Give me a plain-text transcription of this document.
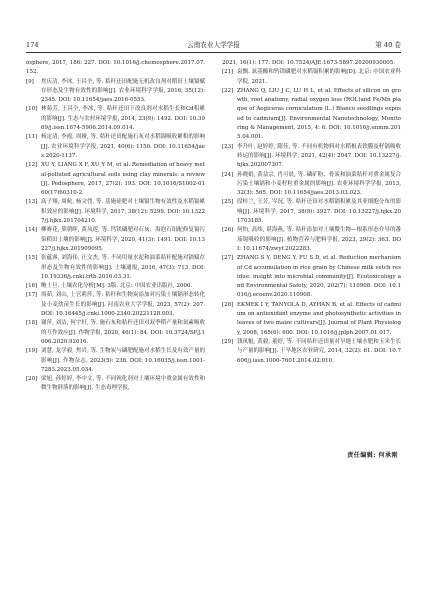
174	云南农业大学学报	第 40 卷
osphere, 2017, 186: 227. DOI: 10.1016/j.chemosphere.2017.07.152.
[9] 焦庆清, 李冰, 王昌全, 等. 秸秆还田配施无机改良剂对稻田土壤镉赋存形态及生物有效性的影响[J]. 农业环境科学学报, 2016, 35(12): 2345. DOI: 10.11654/jaes.2016-0553.
[10] 林菊芳, 王昌全, 李冰, 等. 秸秆还田下改良剂对水稻生长和Cd积累的影响[J]. 生态与农村环境学报, 2014, 23(9): 1492. DOI: 10.3969/j.issn.1674-5906.2014.09.014.
[11] 杨定清, 李霞, 周娅, 等. 秸秆还田配施石灰对水稻镉吸收累积的影响[J]. 农业环境科学学报, 2021, 40(6): 1150. DOI: 10.11654/jaes.2020-1137.
[12] XU Y, LIANG X F, XU Y M, et al. Remediation of heavy metal-polluted agricultural soils using clay minerals: a review[J]. Pedosphere, 2017, 27(2): 193. DOI: 10.1016/S1002-0160(17)60310-2.
[13] 高子翔, 周航, 杨文弢, 等. 基施硅肥对土壤镉生物有效性及水稻镉累积效应的影响[J]. 环境科学, 2017, 38(12): 5299. DOI: 10.13227/j.hjkx.201704210.
[14] 柳赛花, 熊朝晖, 黄凤莲, 等. 钙镁磷肥对石灰、海泡石组配修复镉污染稻田土壤的影响[J]. 环境科学, 2020, 41(3): 1491. DOI: 10.13227/j.hjkx.201909095.
[15] 张蕴睿, 刘海伟, 汪文杰, 等. 不同用量水泥和油菜秸秆配施对镉赋存形态及生物有效性的影响[J]. 土壤通报, 2016, 47(3): 713. DOI: 10.19336/j.cnki.trtb.2016.03.31.
[16] 鲍士旦. 土壤农化分析[M]. 3版. 北京: 中国农业出版社, 2000.
[17] 周茹, 刘山, 上官莉莎, 等. 秸秆和生物炭添加对污染土壤镉形态转化及小麦幼苗生长的影响[J]. 河南农业大学学报, 2023, 57(2): 207. DOI: 10.16445/j.cnki.1000-2340.20221128.003.
[18] 谢萍, 刘洁, 何宇轩, 等. 施石灰和秸秆还田对双季稻产量和氮素吸收的互作效应[J]. 作物学报, 2020, 46(1): 84. DOI: 10.3724/SP.J.1006.2020.92016.
[19] 刘慧, 龙学毅, 焦岩, 等. 生物炭与磷肥配施对水稻生长及有效产量的影响[J]. 作物杂志, 2023(5): 238. DOI: 10.16035/j.issn.1001-7283.2023.05.034.
[20] 梁旭, 孙婷婷, 李中文, 等. 不同钝化剂对土壤环境中重金属有效性和微生物群落的影响[J]. 生态毒理学报,
2021, 16(1): 177. DOI: 10.7524/AJE.1673-5897.20200930005.
[21] 袁飘. 氮基酸和钙镁磷肥对水稻镉积累的影响[D]. 北京: 中国农业科学院, 2021.
[22] ZHANG Q, LIU J C, LU H L, et al. Effects of silicon on growth, root anatomy, radial oxygen loss (ROL)and Fe/Mn plaque of Aegiceras corniculatum (L.) Blanco seedlings exposed to cadmium[J]. Environmental Nanotechnology, Monitoring & Management, 2015, 4: 6. DOI: 10.1016/j.enmm.2015.04.001.
[23] 李升叶, 赵婷婷, 隋佳, 等. 不同有机物料对水稻根表铁膜及籽镉吸收转运的影响[J]. 环境科学, 2021, 42(4): 2047. DOI: 10.13227/j.hjkx.202007307.
[24] 孙晓娟, 黄益宗, 肖可晨, 等. 磷矿粉、骨炭和油菜秸秆对重金属复合污染土壤镉和小麦籽粒重金属的影响[J]. 农业环境科学学报, 2013, 32(3): 565. DOI: 10.11654/jaes.2013.03.023.
[25] 段桂兰, 王芳, 岑况, 等. 秸秆还田对水稻镉积累及其亚细胞分布的影响[J]. 环境科学, 2017, 38(9): 3927. DOI: 10.13227/j.hjkx.201703185.
[26] 何怡, 高炜, 谌海燕, 等. 秸秆添加对土壤微生物—根系形态介导的番茄镉吸收的影响[J]. 植物营养与肥料学报, 2023, 29(2): 363. DOI: 10.11674/zwyf.2022283.
[27] ZHANG S Y, DENG Y, FU S D, et al. Reduction mechanism of Cd accumulation in rice grain by Chinese milk vetch residue: insight into microbial community[J]. Ecotoxicology and Environmental Safety, 2020, 202(7): 110908. DOI: 10.1016/j.ecoenv.2020.110908.
[28] EKMEK I Y, TANYOLA D, AYHAN B, et al. Effects of cadmium on antioxidant enzyme and photosynthetic activities in leaves of two maize cultivars[J]. Journal of Plant Physiology, 2008, 165(6): 600. DOI: 10.1016/j.jplph.2007.01.017.
[29] 钱凤魁, 黄毅, 董婷, 等. 不同秸秆还田量对旱地土壤水肥和玉米生长与产量的影响[J]. 干旱地区农业研究, 2014, 32(2): 61. DOI: 10.7606/j.issn.1000-7601.2014.02.010.
责任编辑: 何承刚
